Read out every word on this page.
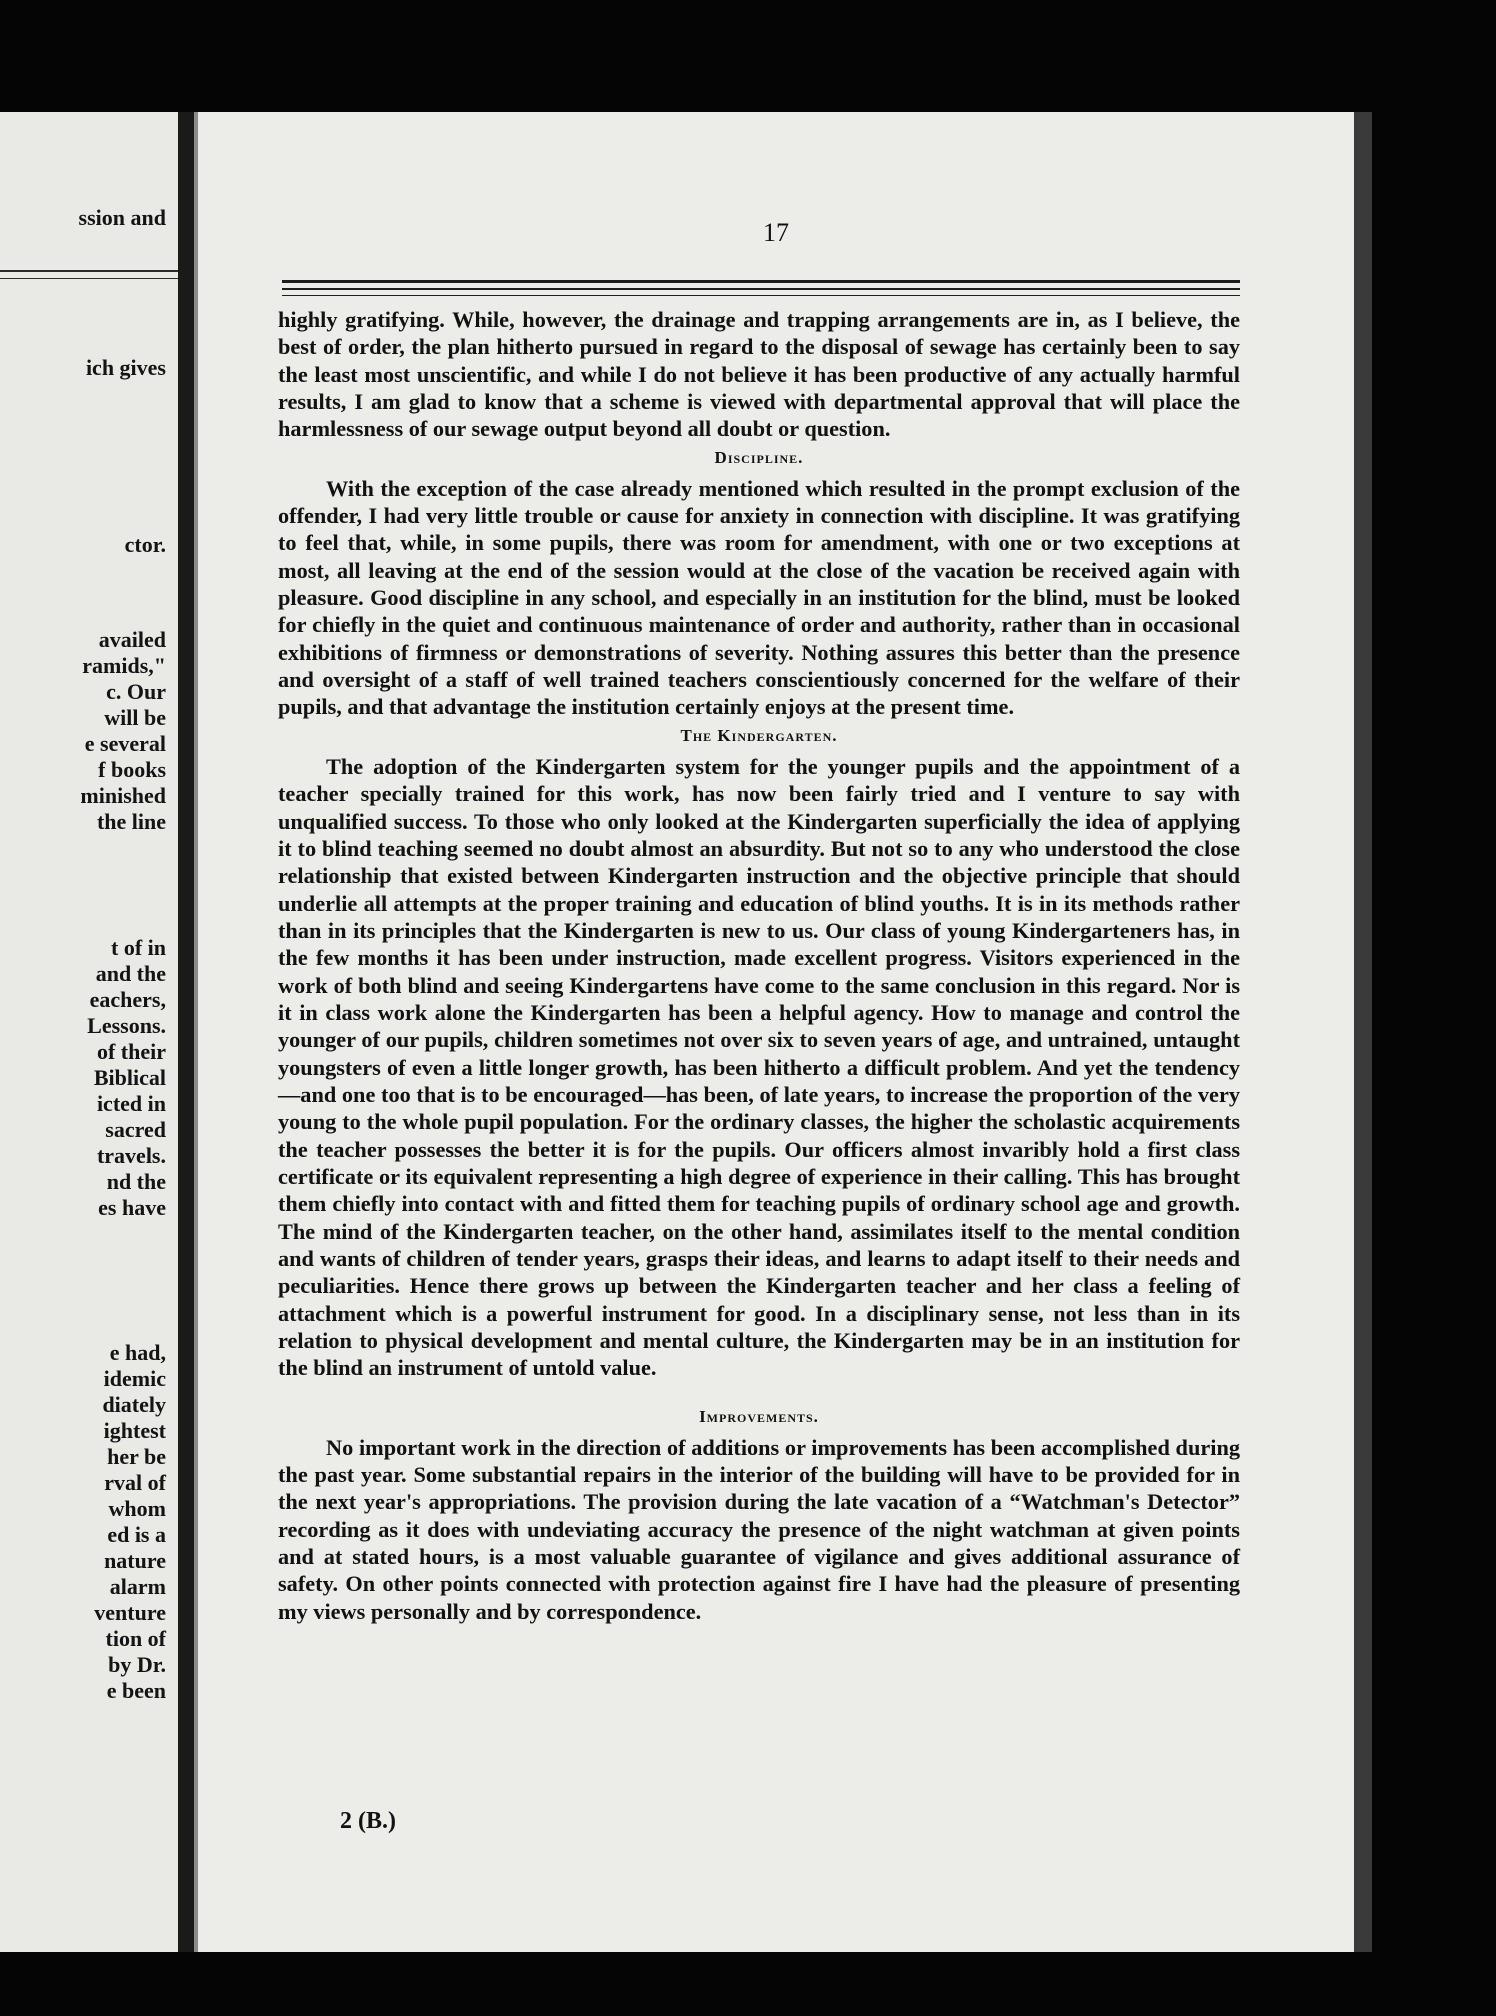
ssion and
ich gives
ctor.
availed
ramids,"
c. Our
will be
e several
f books
minished
the line
t of in
and the
eachers,
Lessons.
of their
Biblical
icted in
sacred
travels.
nd the
es have
e had,
idemic
diately
ightest
her be
rval of
whom
ed is a
nature
alarm
venture
tion of
by Dr.
e been
17

highly gratifying. While, however, the drainage and trapping arrangements are in, as I believe, the best of order, the plan hitherto pursued in regard to the disposal of sewage has certainly been to say the least most unscientific, and while I do not believe it has been productive of any actually harmful results, I am glad to know that a scheme is viewed with departmental approval that will place the harmlessness of our sewage output beyond all doubt or question.

Discipline.

With the exception of the case already mentioned which resulted in the prompt exclusion of the offender, I had very little trouble or cause for anxiety in connection with discipline. It was gratifying to feel that, while, in some pupils, there was room for amendment, with one or two exceptions at most, all leaving at the end of the session would at the close of the vacation be received again with pleasure. Good discipline in any school, and especially in an institution for the blind, must be looked for chiefly in the quiet and continuous maintenance of order and authority, rather than in occasional exhibitions of firmness or demonstrations of severity. Nothing assures this better than the presence and oversight of a staff of well trained teachers conscientiously concerned for the welfare of their pupils, and that advantage the institution certainly enjoys at the present time.

The Kindergarten.

The adoption of the Kindergarten system for the younger pupils and the appointment of a teacher specially trained for this work, has now been fairly tried and I venture to say with unqualified success. To those who only looked at the Kindergarten superficially the idea of applying it to blind teaching seemed no doubt almost an absurdity. But not so to any who understood the close relationship that existed between Kindergarten instruction and the objective principle that should underlie all attempts at the proper training and education of blind youths. It is in its methods rather than in its principles that the Kindergarten is new to us. Our class of young Kindergarteners has, in the few months it has been under instruction, made excellent progress. Visitors experienced in the work of both blind and seeing Kindergartens have come to the same conclusion in this regard. Nor is it in class work alone the Kindergarten has been a helpful agency. How to manage and control the younger of our pupils, children sometimes not over six to seven years of age, and untrained, untaught youngsters of even a little longer growth, has been hitherto a difficult problem. And yet the tendency—and one too that is to be encouraged—has been, of late years, to increase the proportion of the very young to the whole pupil population. For the ordinary classes, the higher the scholastic acquirements the teacher possesses the better it is for the pupils. Our officers almost invaribly hold a first class certificate or its equivalent representing a high degree of experience in their calling. This has brought them chiefly into contact with and fitted them for teaching pupils of ordinary school age and growth. The mind of the Kindergarten teacher, on the other hand, assimilates itself to the mental condition and wants of children of tender years, grasps their ideas, and learns to adapt itself to their needs and peculiarities. Hence there grows up between the Kindergarten teacher and her class a feeling of attachment which is a powerful instrument for good. In a disciplinary sense, not less than in its relation to physical development and mental culture, the Kindergarten may be in an institution for the blind an instrument of untold value.

Improvements.

No important work in the direction of additions or improvements has been accomplished during the past year. Some substantial repairs in the interior of the building will have to be provided for in the next year's appropriations. The provision during the late vacation of a “Watchman's Detector” recording as it does with undeviating accuracy the presence of the night watchman at given points and at stated hours, is a most valuable guarantee of vigilance and gives additional assurance of safety. On other points connected with protection against fire I have had the pleasure of presenting my views personally and by correspondence.

2 (B.)
